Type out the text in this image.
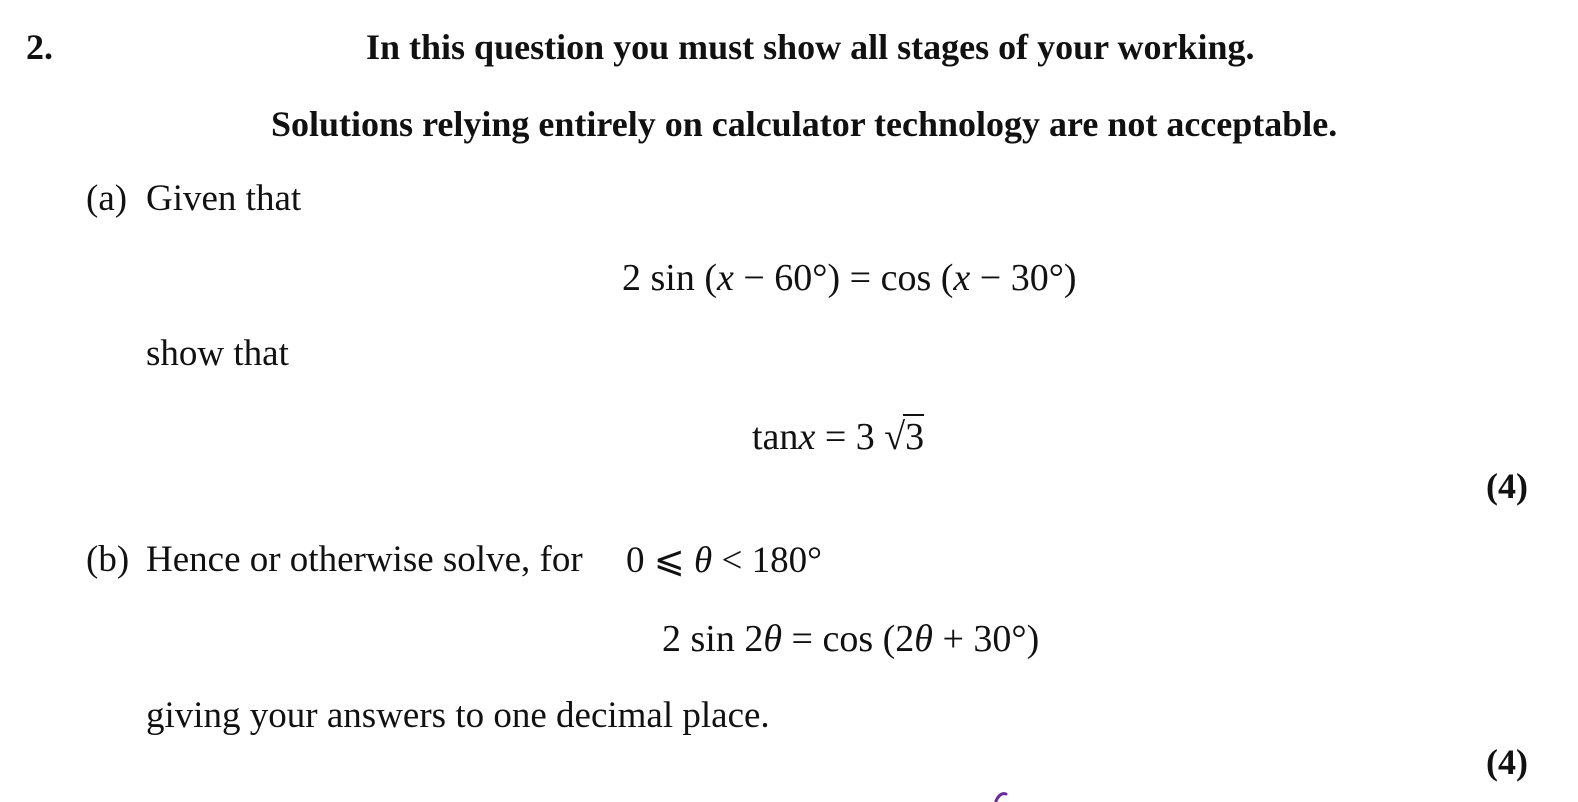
2.	In this question you must show all stages of your working.
Solutions relying entirely on calculator technology are not acceptable.
(a) Given that
2 sin (x − 60°) = cos (x − 30°)
show that
tanx = 3 √3
(4)
(b) Hence or otherwise solve, for 0 ⩽ θ < 180°
2 sin 2θ = cos (2θ + 30°)
giving your answers to one decimal place.
(4)
